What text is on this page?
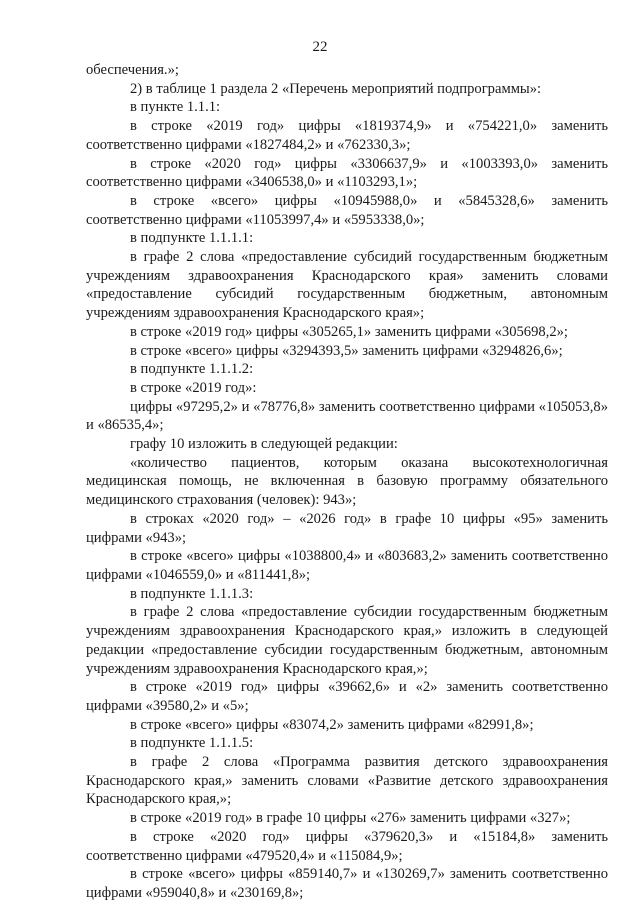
22

обеспечения.»;

2) в таблице 1 раздела 2 «Перечень мероприятий подпрограммы»:

в пункте 1.1.1:

в строке «2019 год» цифры «1819374,9» и «754221,0» заменить соответственно цифрами «1827484,2» и «762330,3»;

в строке «2020 год» цифры «3306637,9» и «1003393,0» заменить соответственно цифрами «3406538,0» и «1103293,1»;

в строке «всего» цифры «10945988,0» и «5845328,6» заменить соответственно цифрами «11053997,4» и «5953338,0»;

в подпункте 1.1.1.1:

в графе 2 слова «предоставление субсидий государственным бюджетным учреждениям здравоохранения Краснодарского края» заменить словами «предоставление субсидий государственным бюджетным, автономным учреждениям здравоохранения Краснодарского края»;

в строке «2019 год» цифры «305265,1» заменить цифрами «305698,2»;

в строке «всего» цифры «3294393,5» заменить цифрами «3294826,6»;

в подпункте 1.1.1.2:

в строке «2019 год»:

цифры «97295,2» и «78776,8» заменить соответственно цифрами «105053,8» и «86535,4»;

графу 10 изложить в следующей редакции:

«количество пациентов, которым оказана высокотехнологичная медицинская помощь, не включенная в базовую программу обязательного медицинского страхования (человек): 943»;

в строках «2020 год» – «2026 год» в графе 10 цифры «95» заменить цифрами «943»;

в строке «всего» цифры «1038800,4» и «803683,2» заменить соответственно цифрами «1046559,0» и «811441,8»;

в подпункте 1.1.1.3:

в графе 2 слова «предоставление субсидии государственным бюджетным учреждениям здравоохранения Краснодарского края,» изложить в следующей редакции «предоставление субсидии государственным бюджетным, автономным учреждениям здравоохранения Краснодарского края,»;

в строке «2019 год» цифры «39662,6» и «2» заменить соответственно цифрами «39580,2» и «5»;

в строке «всего» цифры «83074,2» заменить цифрами «82991,8»;

в подпункте 1.1.1.5:

в графе 2 слова «Программа развития детского здравоохранения Краснодарского края,» заменить словами «Развитие детского здравоохранения Краснодарского края,»;

в строке «2019 год» в графе 10 цифры «276» заменить цифрами «327»;

в строке «2020 год» цифры «379620,3» и «15184,8» заменить соответственно цифрами «479520,4» и «115084,9»;

в строке «всего» цифры «859140,7» и «130269,7» заменить соответственно цифрами «959040,8» и «230169,8»;
